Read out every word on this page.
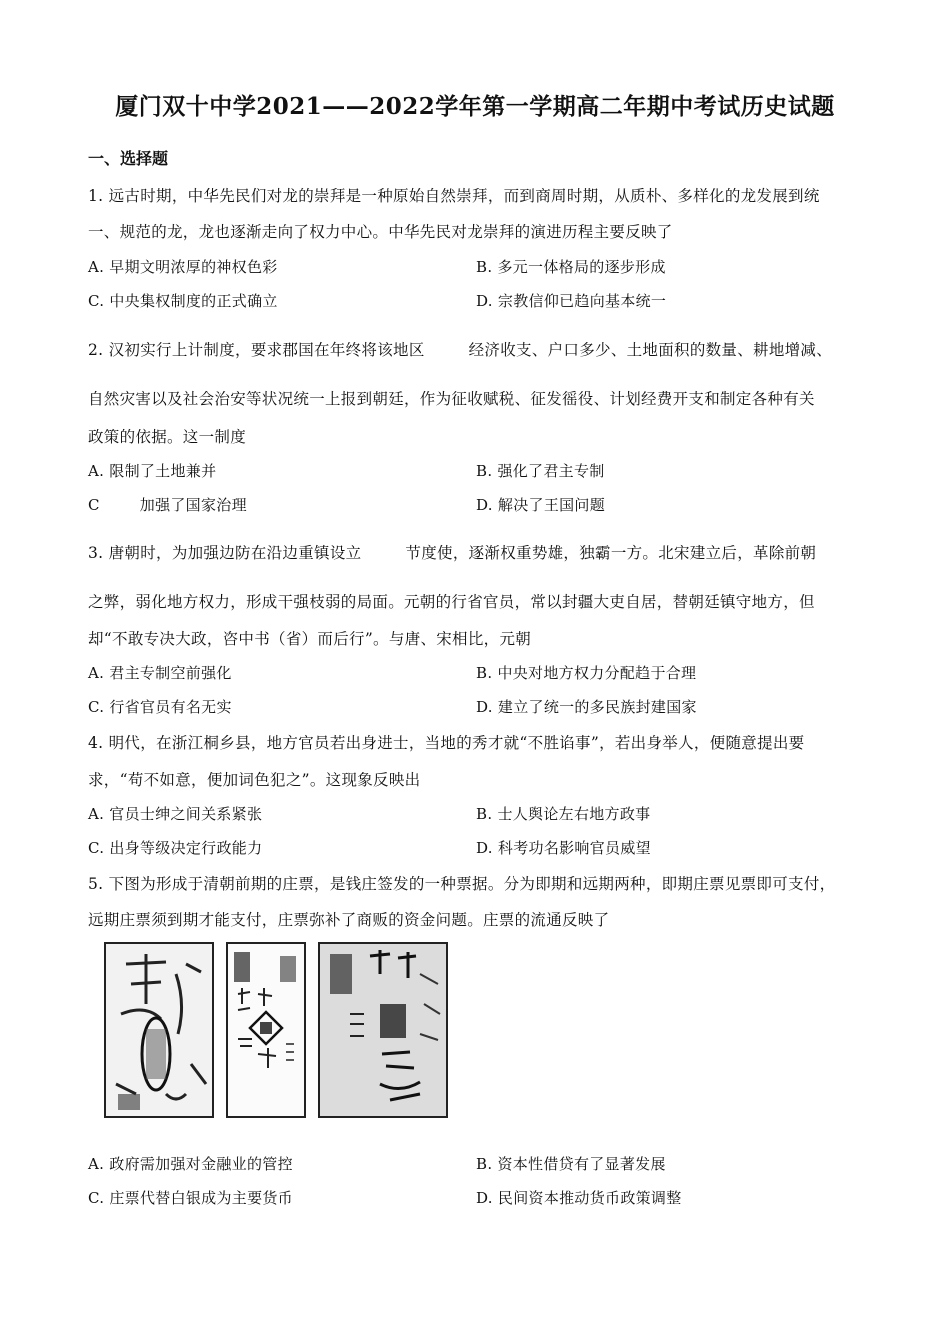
厦门双十中学2021——2022学年第一学期高二年期中考试历史试题
一、选择题
1. 远古时期，中华先民们对龙的崇拜是一种原始自然崇拜，而到商周时期，从质朴、多样化的龙发展到统
一、规范的龙，龙也逐渐走向了权力中心。中华先民对龙崇拜的演进历程主要反映了
A. 早期文明浓厚的神权色彩	B. 多元一体格局的逐步形成
C. 中央集权制度的正式确立	D. 宗教信仰已趋向基本统一
2. 汉初实行上计制度，要求郡国在年终将该地区	经济收支、户口多少、土地面积的数量、耕地增减、
自然灾害以及社会治安等状况统一上报到朝廷，作为征收赋税、征发徭役、计划经费开支和制定各种有关
政策的依据。这一制度
A. 限制了土地兼并	B. 强化了君主专制
C	加强了国家治理	D. 解决了王国问题
3. 唐朝时，为加强边防在沿边重镇设立	节度使，逐渐权重势雄，独霸一方。北宋建立后，革除前朝
之弊，弱化地方权力，形成干强枝弱的局面。元朝的行省官员，常以封疆大吏自居，替朝廷镇守地方，但
却“不敢专决大政，咨中书（省）而后行”。与唐、宋相比，元朝
A. 君主专制空前强化	B. 中央对地方权力分配趋于合理
C. 行省官员有名无实	D. 建立了统一的多民族封建国家
4. 明代，在浙江桐乡县，地方官员若出身进士，当地的秀才就“不胜谄事”，若出身举人，便随意提出要
求，“苟不如意，便加词色犯之”。这现象反映出
A. 官员士绅之间关系紧张	B. 士人舆论左右地方政事
C. 出身等级决定行政能力	D. 科考功名影响官员威望
5. 下图为形成于清朝前期的庄票，是钱庄签发的一种票据。分为即期和远期两种，即期庄票见票即可支付，
远期庄票须到期才能支付，庄票弥补了商贩的资金问题。庄票的流通反映了
A. 政府需加强对金融业的管控	B. 资本性借贷有了显著发展
C. 庄票代替白银成为主要货币	D. 民间资本推动货币政策调整
